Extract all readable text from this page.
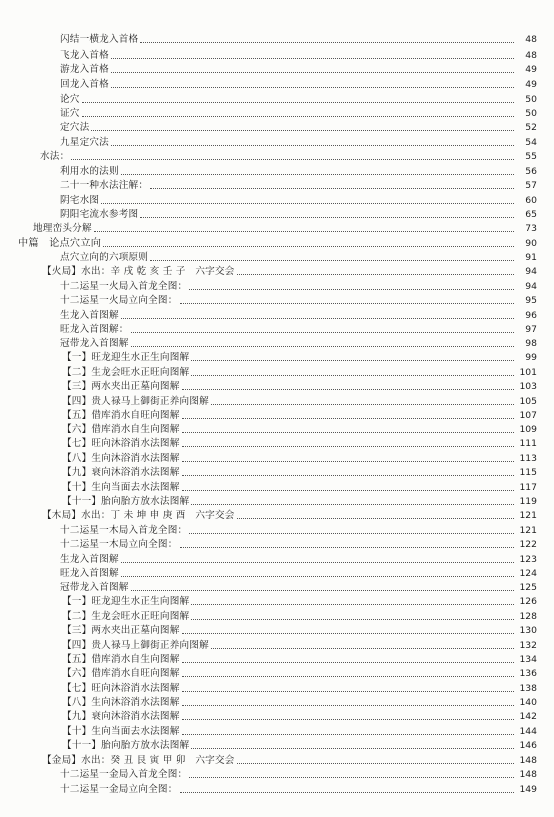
闪结一横龙入首格	48
飞龙入首格	48
游龙入首格	49
回龙入首格	49
论穴	50
证穴	50
定穴法	52
九星定穴法	54
水法：	55
利用水的法则	56
二十一种水法注解：	57
阴宅水图	60
阴阳宅流水参考图	65
地理峦头分解	73
中篇　论点穴立向	90
点穴立向的六项原则	91
【火局】水出：辛 戌 乾 亥 壬 子　六字交会	94
十二运星一火局入首龙全图：	94
十二运星一火局立向全图：	95
生龙入首图解	96
旺龙入首图解：	97
冠带龙入首图解	98
【一】旺龙迎生水正生向图解	99
【二】生龙会旺水正旺向图解	101
【三】两水夹出正墓向图解	103
【四】贵人禄马上御街正养向图解	105
【五】借库消水自旺向图解	107
【六】借库消水自生向图解	109
【七】旺向沐浴消水法图解	111
【八】生向沐浴消水法图解	113
【九】衰向沐浴消水法图解	115
【十】生向当面去水法图解	117
【十一】胎向胎方放水法图解	119
【木局】水出：丁 未 坤 申 庚 酉　六字交会	121
十二运星一木局入首龙全图：	121
十二运星一木局立向全图：	122
生龙入首图解	123
旺龙入首图解	124
冠带龙入首图解	125
【一】旺龙迎生水正生向图解	126
【二】生龙会旺水正旺向图解	128
【三】两水夹出正墓向图解	130
【四】贵人禄马上御街正养向图解	132
【五】借库消水自生向图解	134
【六】借库消水自旺向图解	136
【七】旺向沐浴消水法图解	138
【八】生向沐浴消水法图解	140
【九】衰向沐浴消水法图解	142
【十】生向当面去水法图解	144
【十一】胎向胎方放水法图解	146
【金局】水出：癸 丑 艮 寅 甲 卯　六字交会	148
十二运星一金局入首龙全图：	148
十二运星一金局立向全图：	149
